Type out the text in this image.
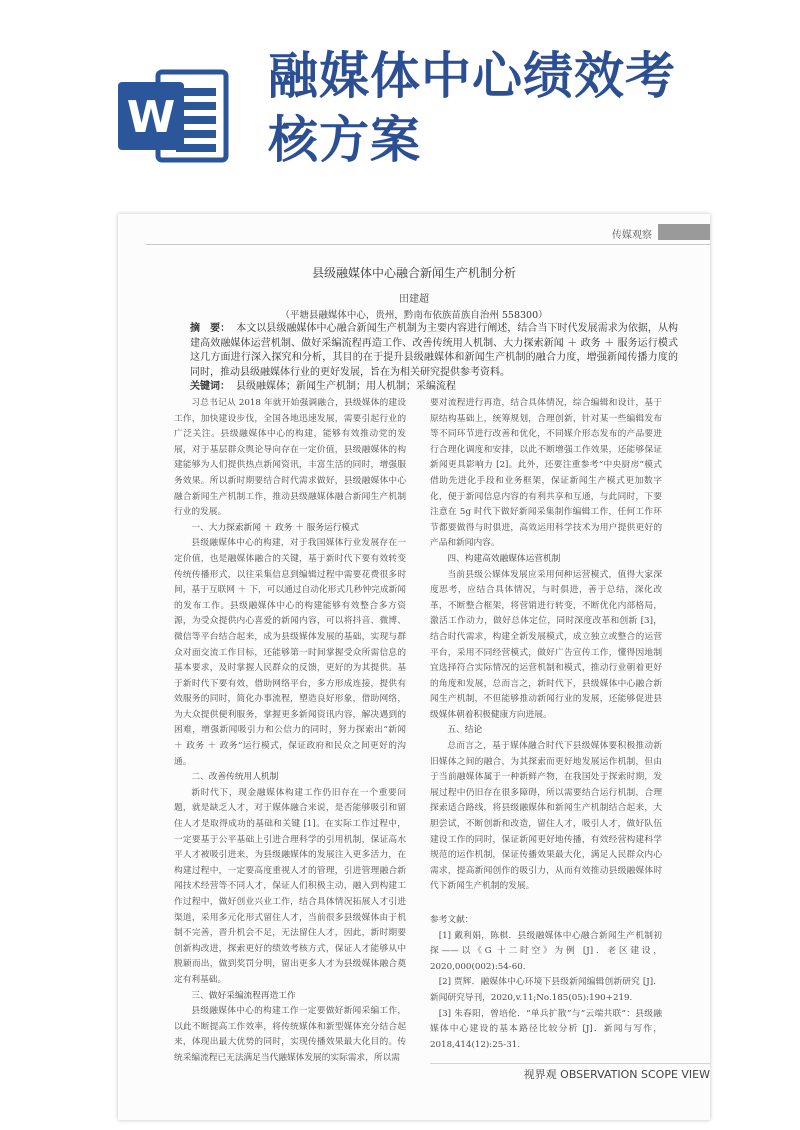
W
融媒体中心绩效考
核方案
传媒观察
县级融媒体中心融合新闻生产机制分析
田建超
（平塘县融媒体中心，贵州，黔南布依族苗族自治州 558300）
摘　要： 本文以县级融媒体中心融合新闻生产机制为主要内容进行阐述，结合当下时代发展需求为依据，从构建高效融媒体运营机制、做好采编流程再造工作、改善传统用人机制、大力探索新闻 ＋ 政务 ＋ 服务运行模式这几方面进行深入探究和分析，其目的在于提升县级融媒体和新闻生产机制的融合力度，增强新闻传播力度的同时，推动县级融媒体行业的更好发展，旨在为相关研究提供参考资料。
关键词： 县级融媒体；新闻生产机制；用人机制；采编流程

习总书记从 2018 年就开始强调融合，县级媒体的建设工作，加快建设步伐，全国各地迅速发展，需要引起行业的广泛关注。县级融媒体中心的构建，能够有效推动党的发展，对于基层群众舆论导向存在一定价值，县级融媒体的构建能够为人们提供热点新闻资讯，丰富生活的同时，增强服务效果。所以新时期要结合时代需求做好，县级融媒体中心融合新闻生产机制工作，推动县级融媒体融合新闻生产机制行业的发展。

一、大力探索新闻 ＋ 政务 ＋ 服务运行模式

县级融媒体中心的构建，对于我国媒体行业发展存在一定价值，也是融媒体融合的关键，基于新时代下要有效转变传统传播形式，以往采集信息到编辑过程中需要花费很多时间，基于互联网 ＋ 下，可以通过自动化形式几秒钟完成新闻的发布工作。县级融媒体中心的构建能够有效整合多方资源，为受众提供内心喜爱的新闻内容，可以将抖音、微博、微信等平台结合起来，成为县级媒体发展的基础，实现与群众对面交流工作目标，还能够第一时间掌握受众所需信息的基本要求，及时掌握人民群众的反馈，更好的为其提供。基于新时代下要有效，借助网络平台，多方形成连接，提供有效服务的同时，简化办事流程，塑造良好形象，借助网络，为大众提供便利服务，掌握更多新闻资讯内容，解决遇到的困难，增强新闻吸引力和公信力的同时，努力探索出“新闻 ＋ 政务 ＋ 政务”运行模式，保证政府和民众之间更好的沟通。

二、改善传统用人机制

新时代下，现金融媒体构建工作仍旧存在一个重要问题，就是缺乏人才，对于媒体融合来说，是否能够吸引和留住人才是取得成功的基础和关键 [1]。在实际工作过程中，一定要基于公平基础上引进合理科学的引用机制，保证高水平人才被吸引进来，为县级融媒体的发展注入更多活力，在构建过程中，一定要高度重视人才的管理，引进管理融合新闻技术经营等不同人才，保证人们积极主动，融入到构建工作过程中，做好创业兴业工作，结合具体情况拓展人才引进渠道，采用多元化形式留住人才，当前很多县级媒体由于机制不完善，晋升机会不足，无法留住人才，因此，新时期要创新构改进，探索更好的绩效考核方式，保证人才能够从中脱颖而出，做到奖罚分明，留出更多人才为县级媒体融合奠定有利基础。

三、做好采编流程再造工作

县级融媒体中心的构建工作一定要做好新闻采编工作，以此不断提高工作效率，将传统媒体和新型媒体充分结合起来，体现出最大优势的同时，实现传播效果最大化目的。传统采编流程已无法满足当代融媒体发展的实际需求，所以需

要对流程进行再造，结合具体情况，综合编辑和设计，基于原结构基础上，统筹规划，合理创新，针对某一些编辑发布等不同环节进行改善和优化，不同媒介形态发布的产品要进行合理化调度和安排，以此不断增强工作效果，还能够保证新闻更具影响力 [2]。此外，还要注重参考“中央厨房”模式借助先进化手段和业务框架，保证新闻生产模式更加数字化，便于新闻信息内容的有利共享和互通，与此同时，下要注意在 5g 时代下做好新闻采集制作编辑工作，任何工作环节都要做得与时俱进，高效运用科学技术为用户提供更好的产品和新闻内容。

四、构建高效融媒体运营机制

当前县级公媒体发展应采用何种运营模式，值得大家深度思考，应结合具体情况，与时俱进，善于总结，深化改革，不断整合框架，将营销进行转变，不断优化内部格局，激活工作动力，做好总体定位，同时深度改革和创新 [3]，结合时代需求，构建全新发展模式，成立独立或整合的运营平台，采用不同经营模式，做好广告宣传工作，懂得因地制宜选择符合实际情况的运营机制和模式，推动行业朝着更好的角度和发展，总而言之，新时代下，县级媒体中心融合新闻生产机制，不但能够推动新闻行业的发展，还能够促进县级媒体朝着积极健康方向进展。

五、结论

总而言之，基于媒体融合时代下县级媒体要积极推动新旧媒体之间的融合，为其探索而更好地发展运作机制，但由于当前融媒体属于一种新鲜产物，在我国处于探索时期，发展过程中仍旧存在很多障碍，所以需要结合运行机制，合理探索适合路线，将县级融媒体和新闻生产机制结合起来，大胆尝试，不断创新和改造，留住人才，吸引人才，做好队伍建设工作的同时，保证新闻更好地传播，有效经营构建科学规范的运作机制，保证传播效果最大化，满足人民群众内心需求，提高新闻创作的吸引力，从而有效推动县级融媒体时代下新闻生产机制的发展。

参考文献：

[1] 戴利娟，陈棋．县级融媒体中心融合新闻生产机制初探——以《G 十二时空》为例 [J]．老区建设，2020,000(002):54-60.

[2] 贾辉．融媒体中心环境下县级新闻编辑创新研究 [J]．新闻研究导刊，2020,v.11;No.185(05):190+219.

[3] 朱春阳，曾培伦．“单兵扩散”与“云端共联”：县级融媒体中心建设的基本路径比较分析 [J]．新闻与写作，2018,414(12):25-31.

视界观 OBSERVATION SCOPE VIEW
